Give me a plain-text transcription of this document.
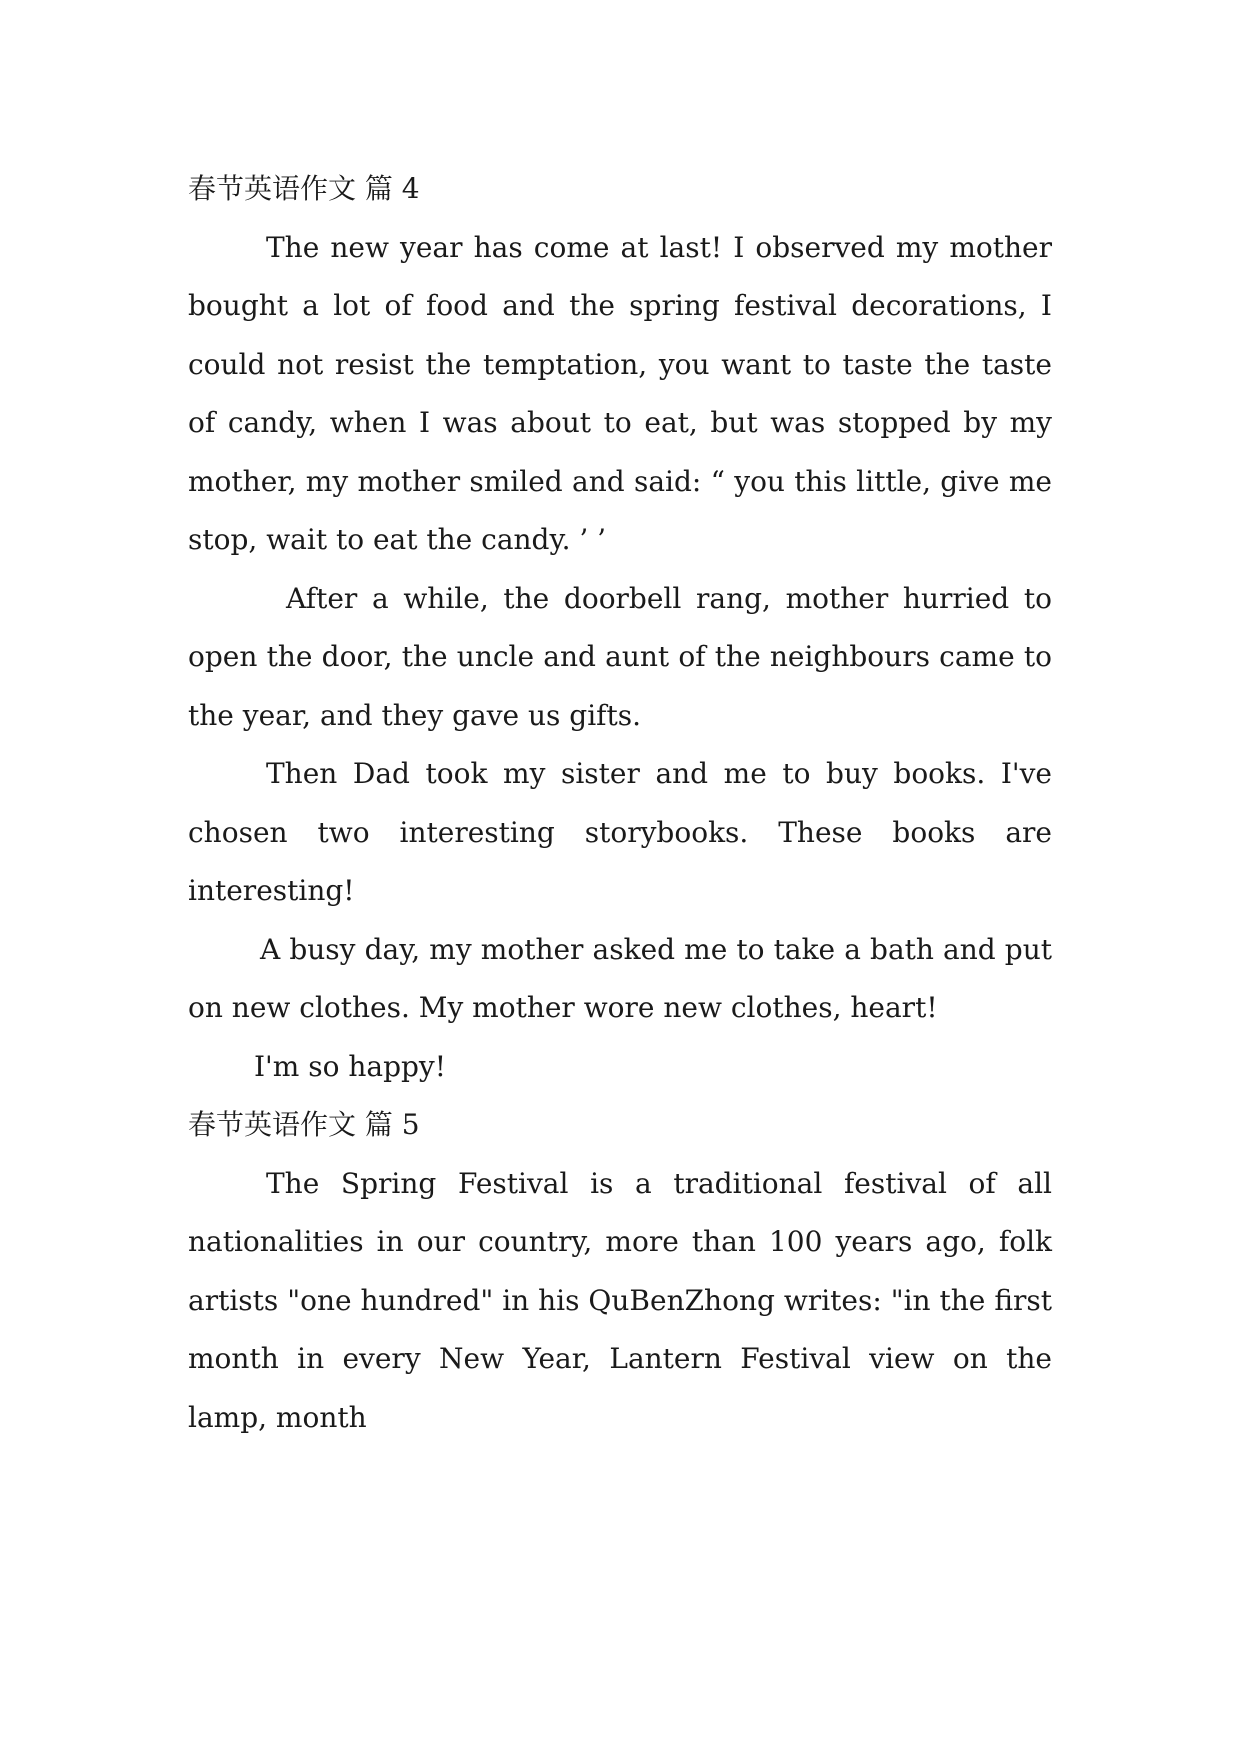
春节英语作文 篇 4

The new year has come at last! I observed my mother bought a lot of food and the spring festival decorations, I could not resist the temptation, you want to taste the taste of candy, when I was about to eat, but was stopped by my mother, my mother smiled and said: “ you this little, give me stop, wait to eat the candy. ’ ’

After a while, the doorbell rang, mother hurried to open the door, the uncle and aunt of the neighbours came to the year, and they gave us gifts.

Then Dad took my sister and me to buy books. I've chosen two interesting storybooks. These books are interesting!

A busy day, my mother asked me to take a bath and put on new clothes. My mother wore new clothes, heart!

I'm so happy!

春节英语作文 篇 5

The Spring Festival is a traditional festival of all nationalities in our country, more than 100 years ago, folk artists "one hundred" in his QuBenZhong writes: "in the first month in every New Year, Lantern Festival view on the lamp, month
